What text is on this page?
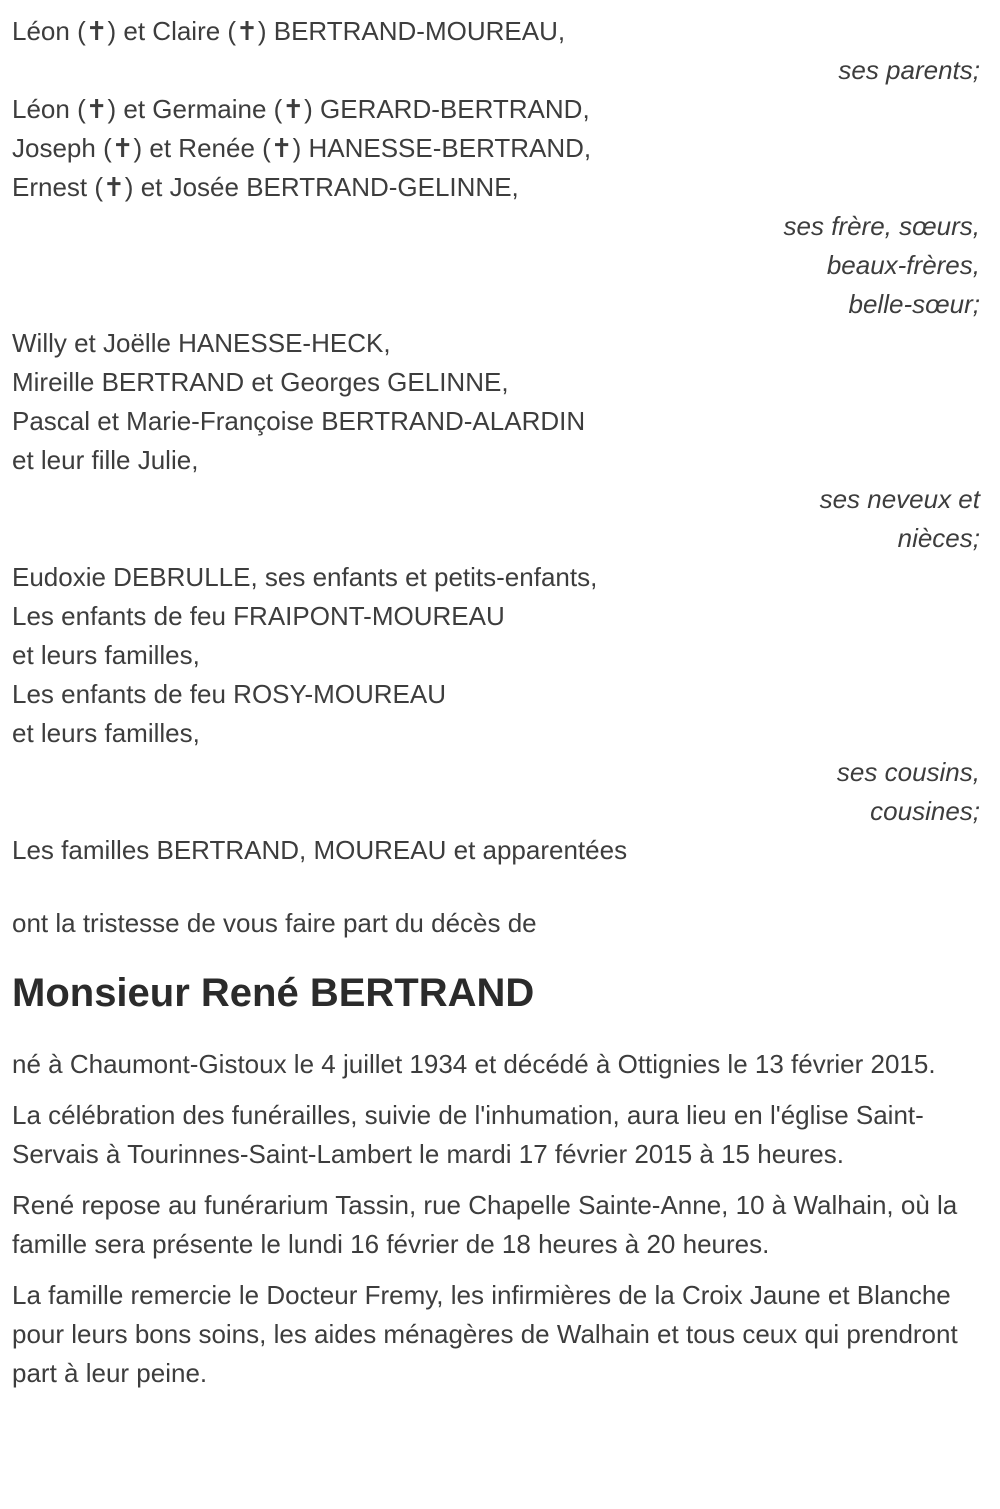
Léon (✝) et Claire (✝) BERTRAND-MOUREAU,

ses parents;

Léon (✝) et Germaine (✝) GERARD-BERTRAND,

Joseph (✝) et Renée (✝) HANESSE-BERTRAND,

Ernest (✝) et Josée BERTRAND-GELINNE,

ses frère, sœurs,

beaux-frères,

belle-sœur;

Willy et Joëlle HANESSE-HECK,

Mireille BERTRAND et Georges GELINNE,

Pascal et Marie-Françoise BERTRAND-ALARDIN

et leur fille Julie,

ses neveux et

nièces;

Eudoxie DEBRULLE, ses enfants et petits-enfants,

Les enfants de feu FRAIPONT-MOUREAU

et leurs familles,

Les enfants de feu ROSY-MOUREAU

et leurs familles,

ses cousins,

cousines;

Les familles BERTRAND, MOUREAU et apparentées

ont la tristesse de vous faire part du décès de

Monsieur René BERTRAND

né à Chaumont-Gistoux le 4 juillet 1934 et décédé à Ottignies le 13 février 2015.

La célébration des funérailles, suivie de l'inhumation, aura lieu en l'église Saint-Servais à Tourinnes-Saint-Lambert le mardi 17 février 2015 à 15 heures.

René repose au funérarium Tassin, rue Chapelle Sainte-Anne, 10 à Walhain, où la famille sera présente le lundi 16 février de 18 heures à 20 heures.

La famille remercie le Docteur Fremy, les infirmières de la Croix Jaune et Blanche pour leurs bons soins, les aides ménagères de Walhain et tous ceux qui prendront part à leur peine.
